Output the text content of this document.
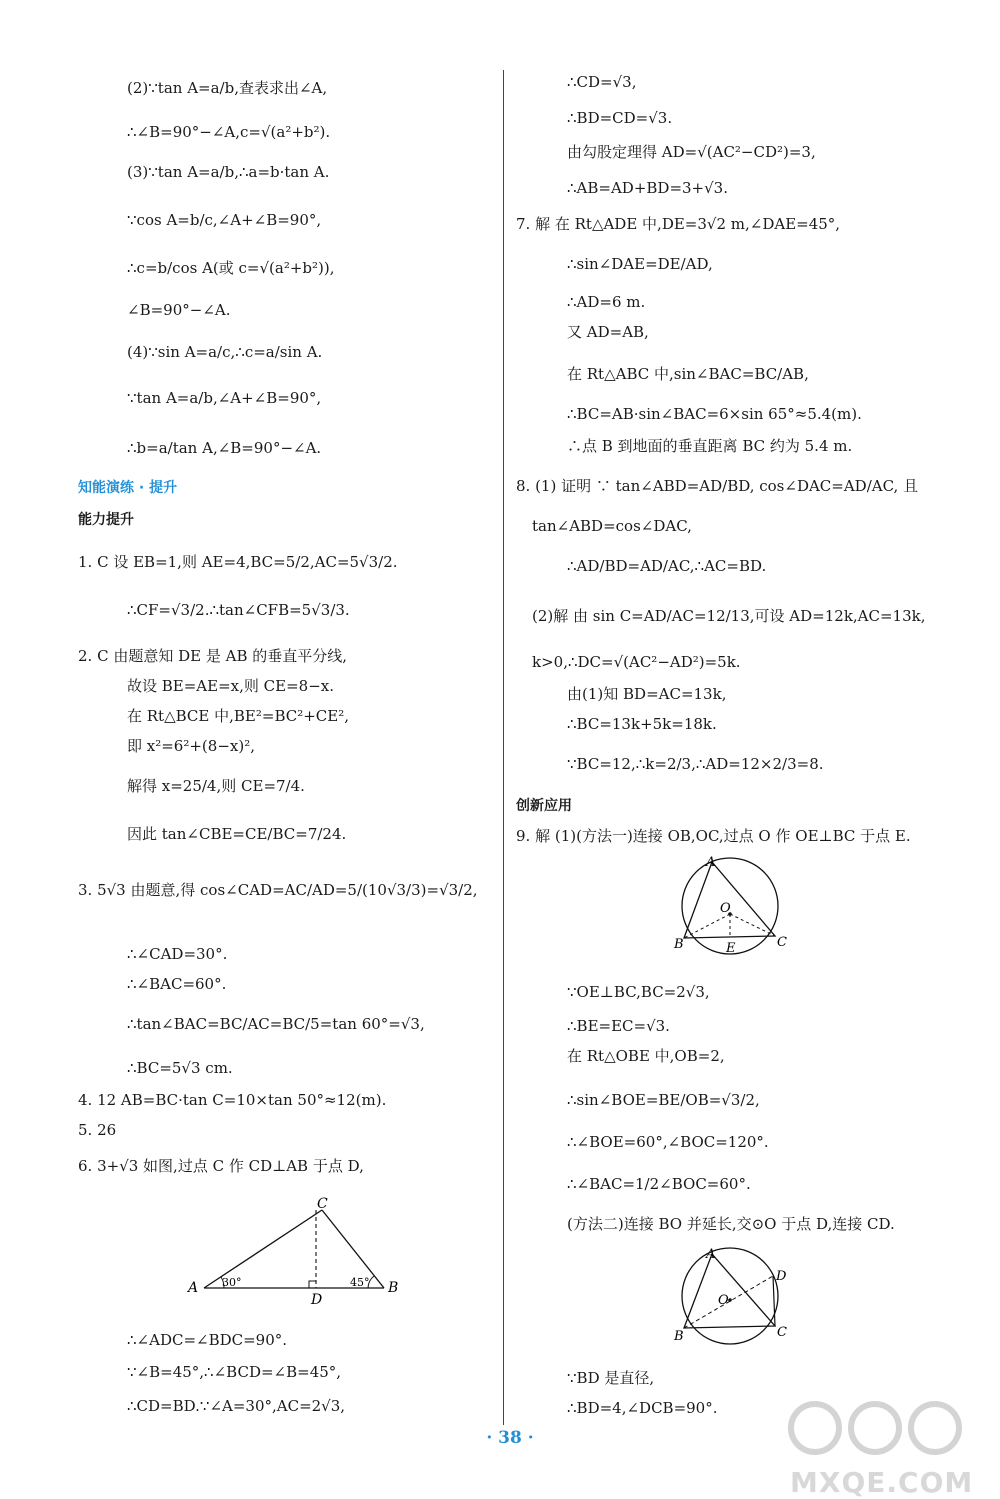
(2)∵tan A=a/b,查表求出∠A,
∴∠B=90°−∠A,c=√(a²+b²).
(3)∵tan A=a/b,∴a=b·tan A.
∵cos A=b/c,∠A+∠B=90°,
∴c=b/cos A(或 c=√(a²+b²)),
∠B=90°−∠A.
(4)∵sin A=a/c,∴c=a/sin A.
∵tan A=a/b,∠A+∠B=90°,
∴b=a/tan A,∠B=90°−∠A.
知能演练 · 提升
能力提升
1. C 设 EB=1,则 AE=4,BC=5/2,AC=5√3/2.
∴CF=√3/2.∴tan∠CFB=5√3/3.
2. C 由题意知 DE 是 AB 的垂直平分线,
故设 BE=AE=x,则 CE=8−x.
在 Rt△BCE 中,BE²=BC²+CE²,
即 x²=6²+(8−x)²,
解得 x=25/4,则 CE=7/4.
因此 tan∠CBE=CE/BC=7/24.
3. 5√3 由题意,得 cos∠CAD=AC/AD=5/(10√3/3)=√3/2,
∴∠CAD=30°.
∴∠BAC=60°.
∴tan∠BAC=BC/AC=BC/5=tan 60°=√3,
∴BC=5√3 cm.
4. 12 AB=BC·tan C=10×tan 50°≈12(m).
5. 26
6. 3+√3 如图,过点 C 作 CD⊥AB 于点 D,
C
A	B
D
30°	45°
∴∠ADC=∠BDC=90°.
∵∠B=45°,∴∠BCD=∠B=45°,
∴CD=BD.∵∠A=30°,AC=2√3,
∴CD=√3,
∴BD=CD=√3.
由勾股定理得 AD=√(AC²−CD²)=3,
∴AB=AD+BD=3+√3.
7. 解 在 Rt△ADE 中,DE=3√2 m,∠DAE=45°,
∴sin∠DAE=DE/AD,
∴AD=6 m.
又 AD=AB,
在 Rt△ABC 中,sin∠BAC=BC/AB,
∴BC=AB·sin∠BAC=6×sin 65°≈5.4(m).
∴点 B 到地面的垂直距离 BC 约为 5.4 m.
8. (1) 证明 ∵ tan∠ABD=AD/BD, cos∠DAC=AD/AC, 且
tan∠ABD=cos∠DAC,
∴AD/BD=AD/AC,∴AC=BD.
(2)解 由 sin C=AD/AC=12/13,可设 AD=12k,AC=13k,
k>0,∴DC=√(AC²−AD²)=5k.
由(1)知 BD=AC=13k,
∴BC=13k+5k=18k.
∵BC=12,∴k=2/3,∴AD=12×2/3=8.
创新应用
9. 解 (1)(方法一)连接 OB,OC,过点 O 作 OE⊥BC 于点 E.
A
O
B	E	C
∵OE⊥BC,BC=2√3,
∴BE=EC=√3.
在 Rt△OBE 中,OB=2,
∴sin∠BOE=BE/OB=√3/2,
∴∠BOE=60°,∠BOC=120°.
∴∠BAC=1/2∠BOC=60°.
(方法二)连接 BO 并延长,交⊙O 于点 D,连接 CD.
A
D
O
B	C
∵BD 是直径,
∴BD=4,∠DCB=90°.
· 38 ·
MXQE.COM
